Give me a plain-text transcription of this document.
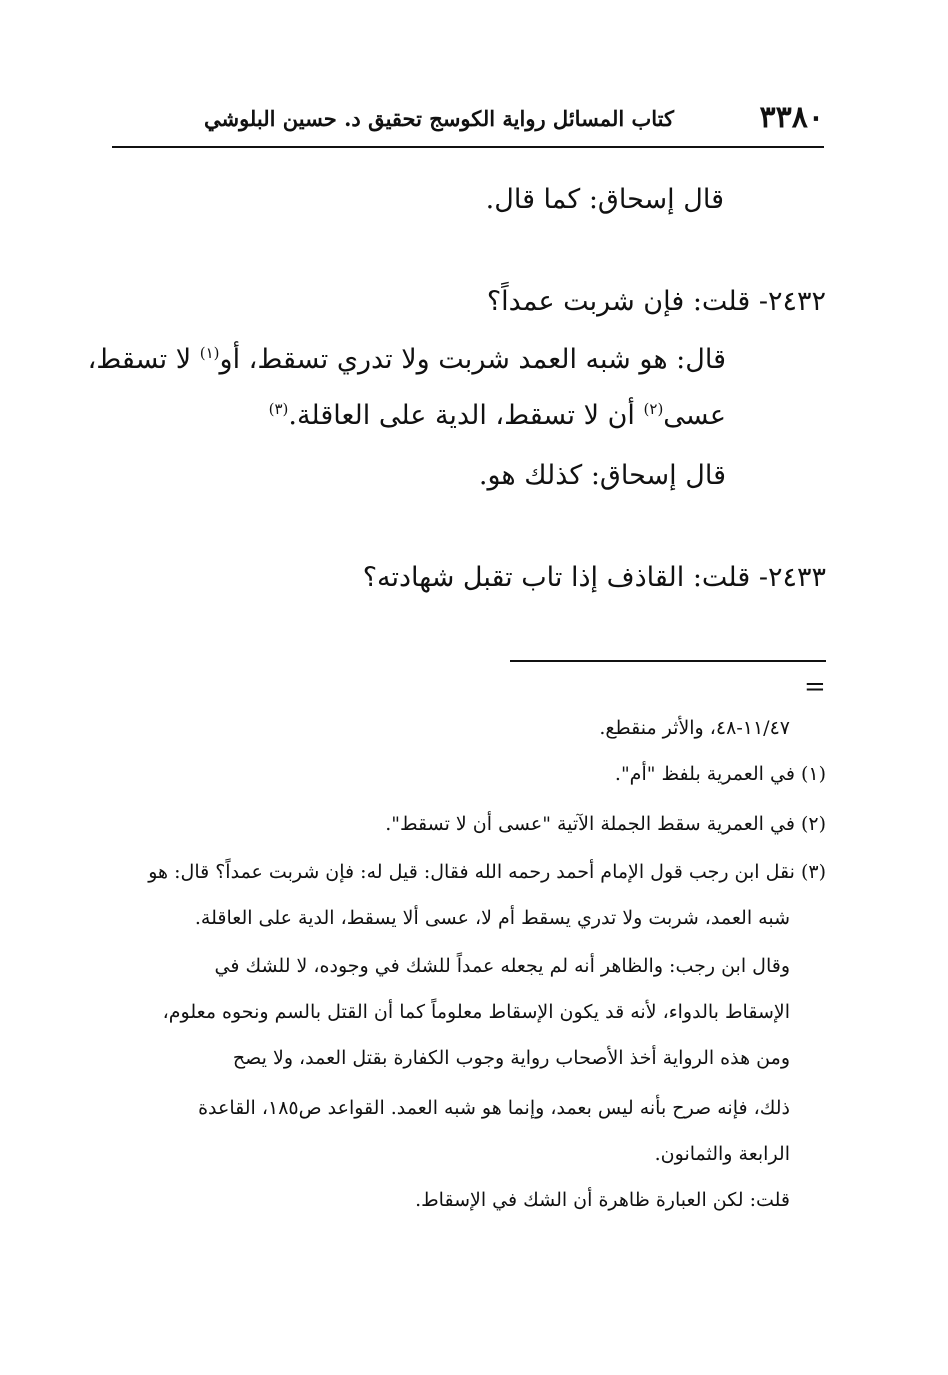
٣٣٨٠
كتاب المسائل رواية الكوسج تحقيق د. حسين البلوشي
قال إسحاق: كما قال.
٢٤٣٢- قلت: فإن شربت عمداً؟
قال: هو شبه العمد شربت ولا تدري تسقط، أو$^{(١)}$ لا تسقط،
عسى$^{(٢)}$ أن لا تسقط، الدية على العاقلة.$^{(٣)}$
قال إسحاق: كذلك هو.
٢٤٣٣- قلت: القاذف إذا تاب تقبل شهادته؟
=
١١/٤٧-٤٨، والأثر منقطع.
(١) في العمرية بلفظ "أم".
(٢) في العمرية سقط الجملة الآتية "عسى أن لا تسقط".
(٣) نقل ابن رجب قول الإمام أحمد رحمه الله فقال: قيل له: فإن شربت عمداً؟ قال: هو
شبه العمد، شربت ولا تدري يسقط أم لا، عسى ألا يسقط، الدية على العاقلة.
وقال ابن رجب: والظاهر أنه لم يجعله عمداً للشك في وجوده، لا للشك في
الإسقاط بالدواء، لأنه قد يكون الإسقاط معلوماً كما أن القتل بالسم ونحوه معلوم،
ومن هذه الرواية أخذ الأصحاب رواية وجوب الكفارة بقتل العمد، ولا يصح
ذلك، فإنه صرح بأنه ليس بعمد، وإنما هو شبه العمد. القواعد ص١٨٥، القاعدة
الرابعة والثمانون.
قلت: لكن العبارة ظاهرة أن الشك في الإسقاط.
